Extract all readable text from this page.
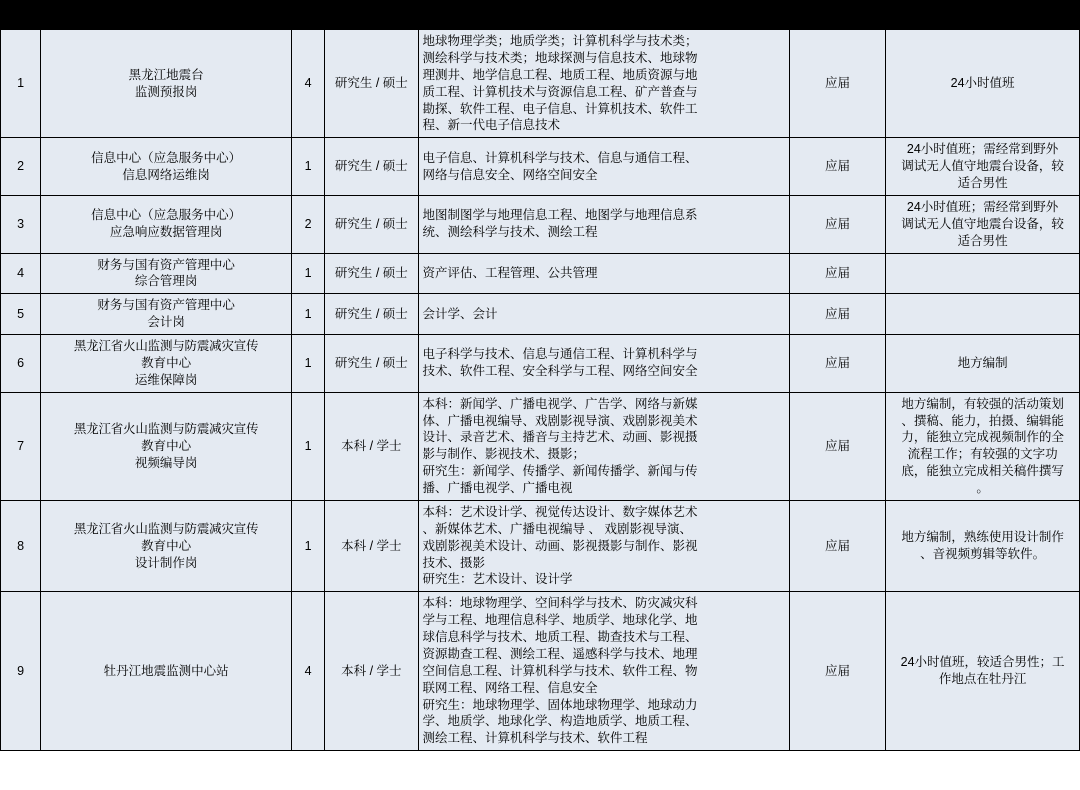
1	
黑龙江地震台
监测预报岗
	4	研究生 / 硕士	
地球物理学类；地质学类；计算机科学与技术类；
测绘科学与技术类；地球探测与信息技术、地球物
理测井、地学信息工程、地质工程、地质资源与地
质工程、计算机技术与资源信息工程、矿产普查与
勘探、软件工程、电子信息、计算机技术、软件工
程、新一代电子信息技术
	应届	24小时值班

2	
信息中心（应急服务中心）
信息网络运维岗
	1	研究生 / 硕士	
电子信息、计算机科学与技术、信息与通信工程、
网络与信息安全、网络空间安全
	应届	
24小时值班；需经常到野外
调试无人值守地震台设备，较
适合男性

3	
信息中心（应急服务中心）
应急响应数据管理岗
	2	研究生 / 硕士	
地图制图学与地理信息工程、地图学与地理信息系
统、测绘科学与技术、测绘工程
	应届	
24小时值班；需经常到野外
调试无人值守地震台设备，较
适合男性

4	财务与国有资产管理中心
综合管理岗	1	研究生 / 硕士	资产评估、工程管理、公共管理	应届	

5	财务与国有资产管理中心
会计岗	1	研究生 / 硕士	会计学、会计	应届	

6	
黑龙江省火山监测与防震减灾宣传
教育中心
运维保障岗
	1	研究生 / 硕士	
电子科学与技术、信息与通信工程、计算机科学与
技术、软件工程、安全科学与工程、网络空间安全
	应届	地方编制

7	
黑龙江省火山监测与防震减灾宣传
教育中心
视频编导岗
	1	本科 / 学士	
本科：新闻学、广播电视学、广告学、网络与新媒
体、广播电视编导、戏剧影视导演、戏剧影视美术
设计、录音艺术、播音与主持艺术、动画、影视摄
影与制作、影视技术、摄影；
研究生：新闻学、传播学、新闻传播学、新闻与传
播、广播电视学、广播电视
	应届	
地方编制，有较强的活动策划
、撰稿、能力，拍摄、编辑能
力，能独立完成视频制作的全
流程工作；有较强的文字功
底，能独立完成相关稿件撰写
。

8	
黑龙江省火山监测与防震减灾宣传
教育中心
设计制作岗
	1	本科 / 学士	
本科：艺术设计学、视觉传达设计、数字媒体艺术
、新媒体艺术、广播电视编导 、 戏剧影视导演、
戏剧影视美术设计、动画、影视摄影与制作、影视
技术、摄影
研究生：艺术设计、设计学
	应届	
地方编制，熟练使用设计制作
、音视频剪辑等软件。

9	牡丹江地震监测中心站	4	本科 / 学士	
本科：地球物理学、空间科学与技术、防灾减灾科
学与工程、地理信息科学、地质学、地球化学、地
球信息科学与技术、地质工程、勘查技术与工程、
资源勘查工程、测绘工程、遥感科学与技术、地理
空间信息工程、计算机科学与技术、软件工程、物
联网工程、网络工程、信息安全
研究生：地球物理学、固体地球物理学、地球动力
学、地质学、地球化学、构造地质学、地质工程、
测绘工程、计算机科学与技术、软件工程
	应届	
24小时值班，较适合男性；工
作地点在牡丹江
